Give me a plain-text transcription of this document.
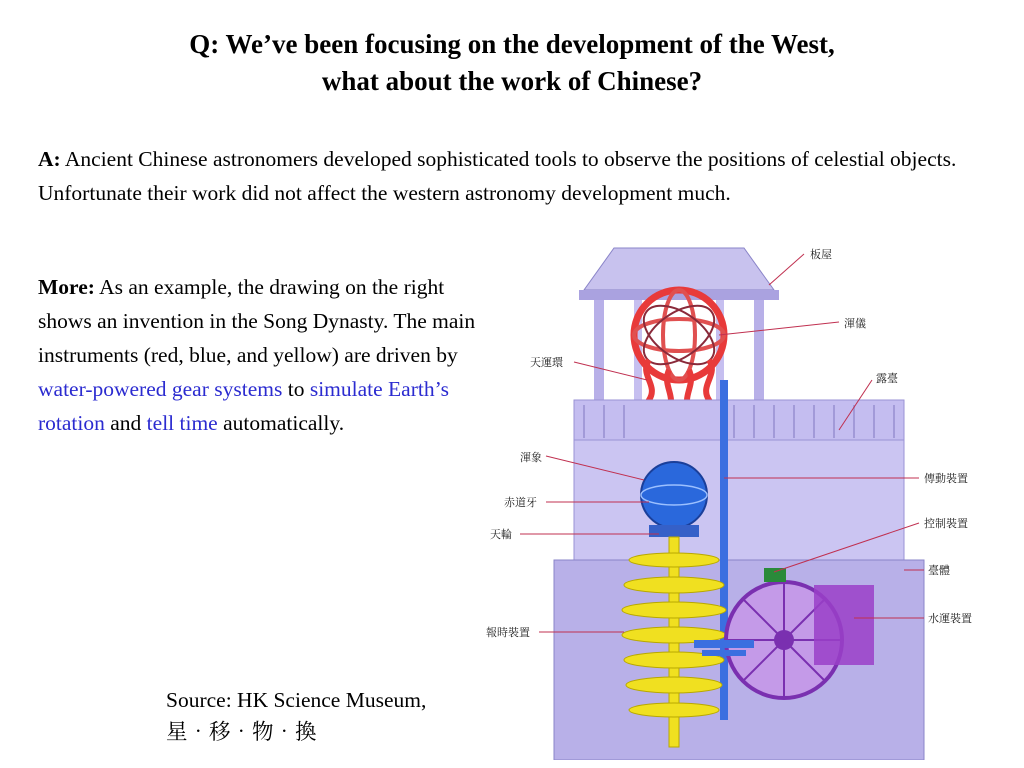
Q: We’ve been focusing on the development of the West,
what about the work of Chinese?
A: Ancient Chinese astronomers developed sophisticated tools to observe the positions of celestial objects. Unfortunate their work did not affect the western astronomy development much.
More: As an example, the drawing on the right shows an invention in the Song Dynasty. The main instruments (red, blue, and yellow) are driven by water-powered gear systems to simulate Earth’s rotation and tell time automatically.
Source: HK Science Museum,
星‧移‧物‧換
板屋
渾儀
天運環
露臺
渾象
赤道牙
天輪
傳動裝置
控制裝置
臺體
報時裝置
水運裝置
